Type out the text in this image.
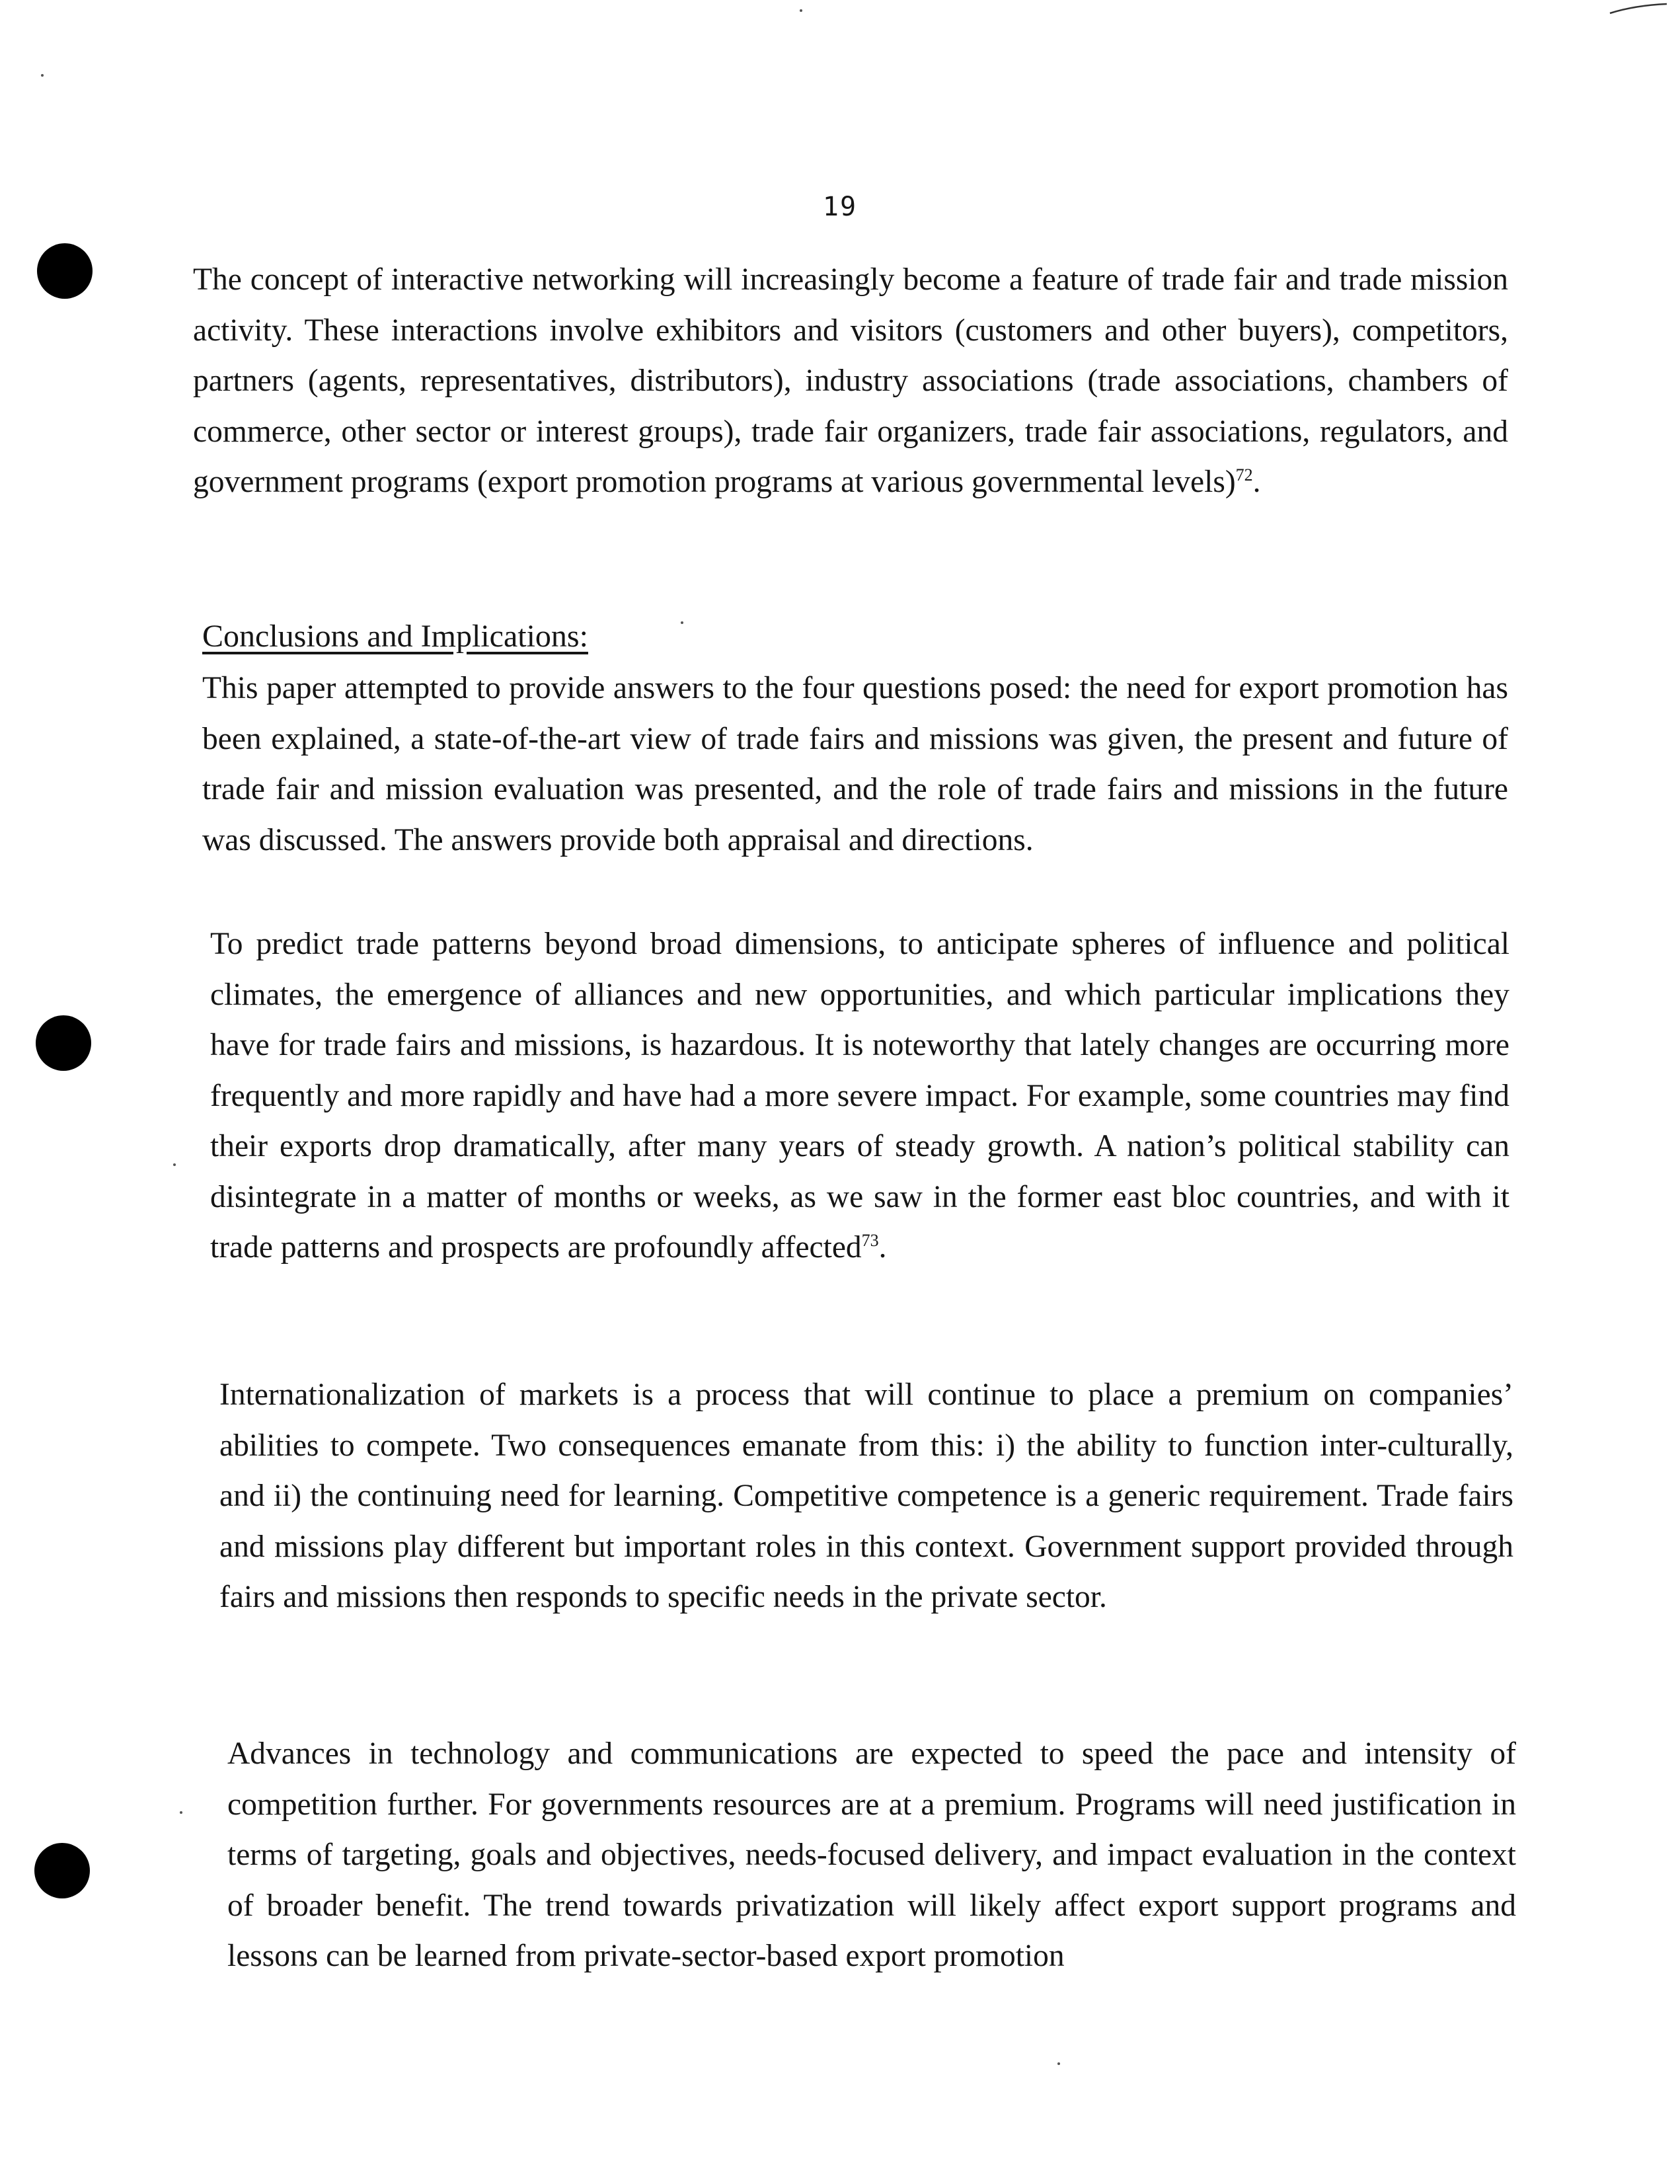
19

The concept of interactive networking will increasingly become a feature of trade fair and trade mission activity. These interactions involve exhibitors and visitors (customers and other buyers), competitors, partners (agents, representatives, distributors), industry associations (trade associations, chambers of commerce, other sector or interest groups), trade fair organizers, trade fair associations, regulators, and government programs (export promotion programs at various governmental levels)$^{72}$.

Conclusions and Implications:

This paper attempted to provide answers to the four questions posed: the need for export promotion has been explained, a state-of-the-art view of trade fairs and missions was given, the present and future of trade fair and mission evaluation was presented, and the role of trade fairs and missions in the future was discussed. The answers provide both appraisal and directions.

To predict trade patterns beyond broad dimensions, to anticipate spheres of influence and political climates, the emergence of alliances and new opportunities, and which particular implications they have for trade fairs and missions, is hazardous. It is noteworthy that lately changes are occurring more frequently and more rapidly and have had a more severe impact. For example, some countries may find their exports drop dramatically, after many years of steady growth. A nation’s political stability can disintegrate in a matter of months or weeks, as we saw in the former east bloc countries, and with it trade patterns and prospects are profoundly affected$^{73}$.

Internationalization of markets is a process that will continue to place a premium on companies’ abilities to compete. Two consequences emanate from this: i) the ability to function inter-culturally, and ii) the continuing need for learning. Competitive competence is a generic requirement. Trade fairs and missions play different but important roles in this context. Government support provided through fairs and missions then responds to specific needs in the private sector.

Advances in technology and communications are expected to speed the pace and intensity of competition further. For governments resources are at a premium. Programs will need justification in terms of targeting, goals and objectives, needs-focused delivery, and impact evaluation in the context of broader benefit. The trend towards privatization will likely affect export support programs and lessons can be learned from private-sector-based export promotion
